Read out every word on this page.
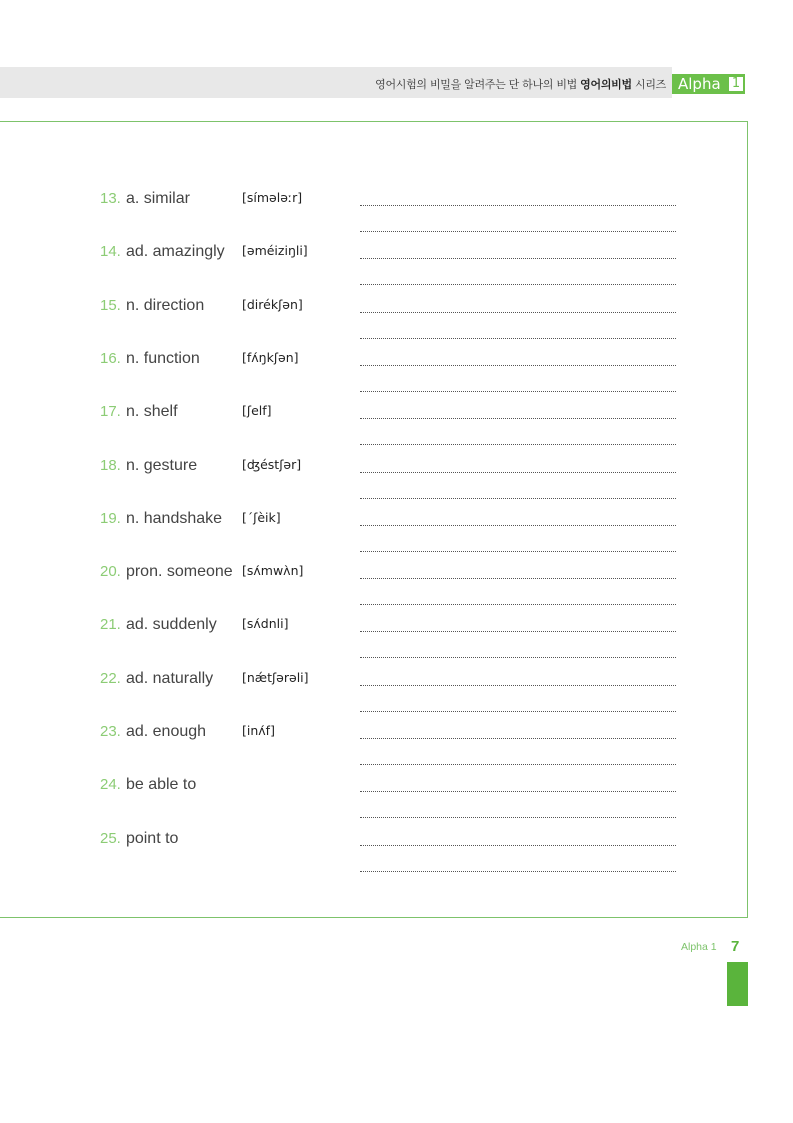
영어시험의 비밀을 알려주는 단 하나의 비법 영어의비법 시리즈 Alpha 1
13. a. similar	[símələːr]
14. ad. amazingly [əméiziŋli]
15. n. direction	[dirékʃən]
16. n. function	[fʌ́ŋkʃən]
17. n. shelf	[ʃelf]
18. n. gesture	[ʤéstʃər]
19. n. handshake [ˊʃèik]
20. pron. someone [sʌ́mwʌ̀n]
21. ad. suddenly [sʌ́dnli]
22. ad. naturally [nǽtʃərəli]
23. ad. enough	[inʌ́f]
24. be able to
25. point to
Alpha 1 7
